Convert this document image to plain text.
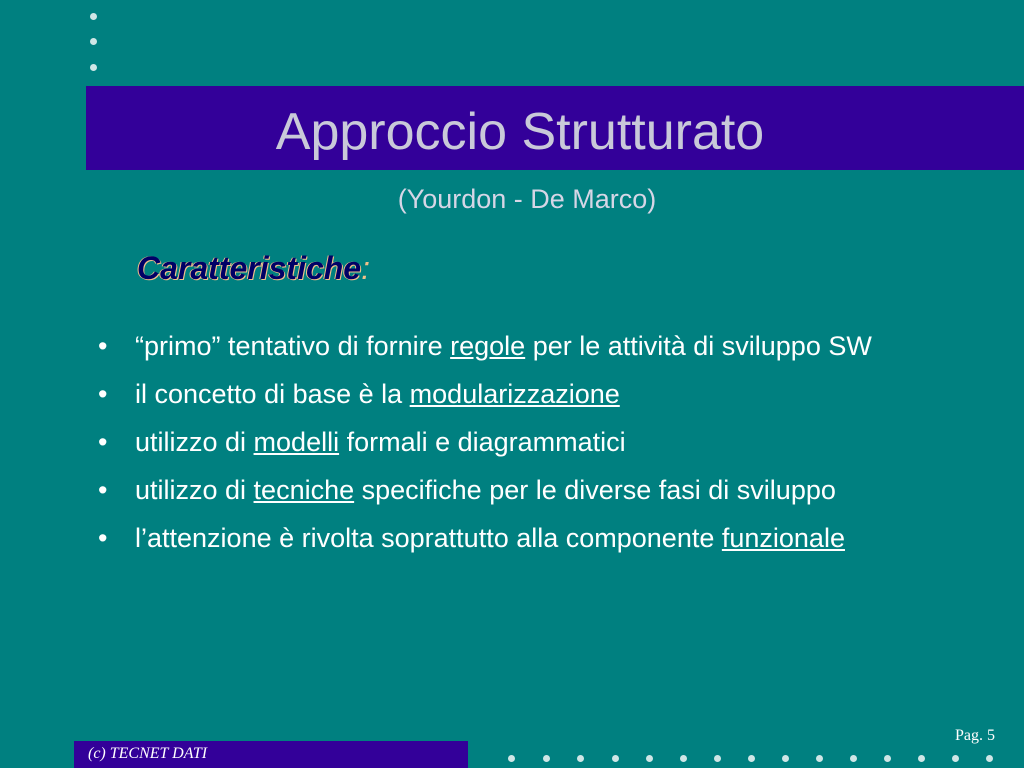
Approccio Strutturato
(Yourdon - De Marco)
Caratteristiche:
• “primo” tentativo di fornire regole per le attività di sviluppo SW
• il concetto di base è la modularizzazione
• utilizzo di modelli formali e diagrammatici
• utilizzo di tecniche specifiche per le diverse fasi di sviluppo
• l’attenzione è rivolta soprattutto alla componente funzionale
(c) TECNET DATI
Pag. 5
